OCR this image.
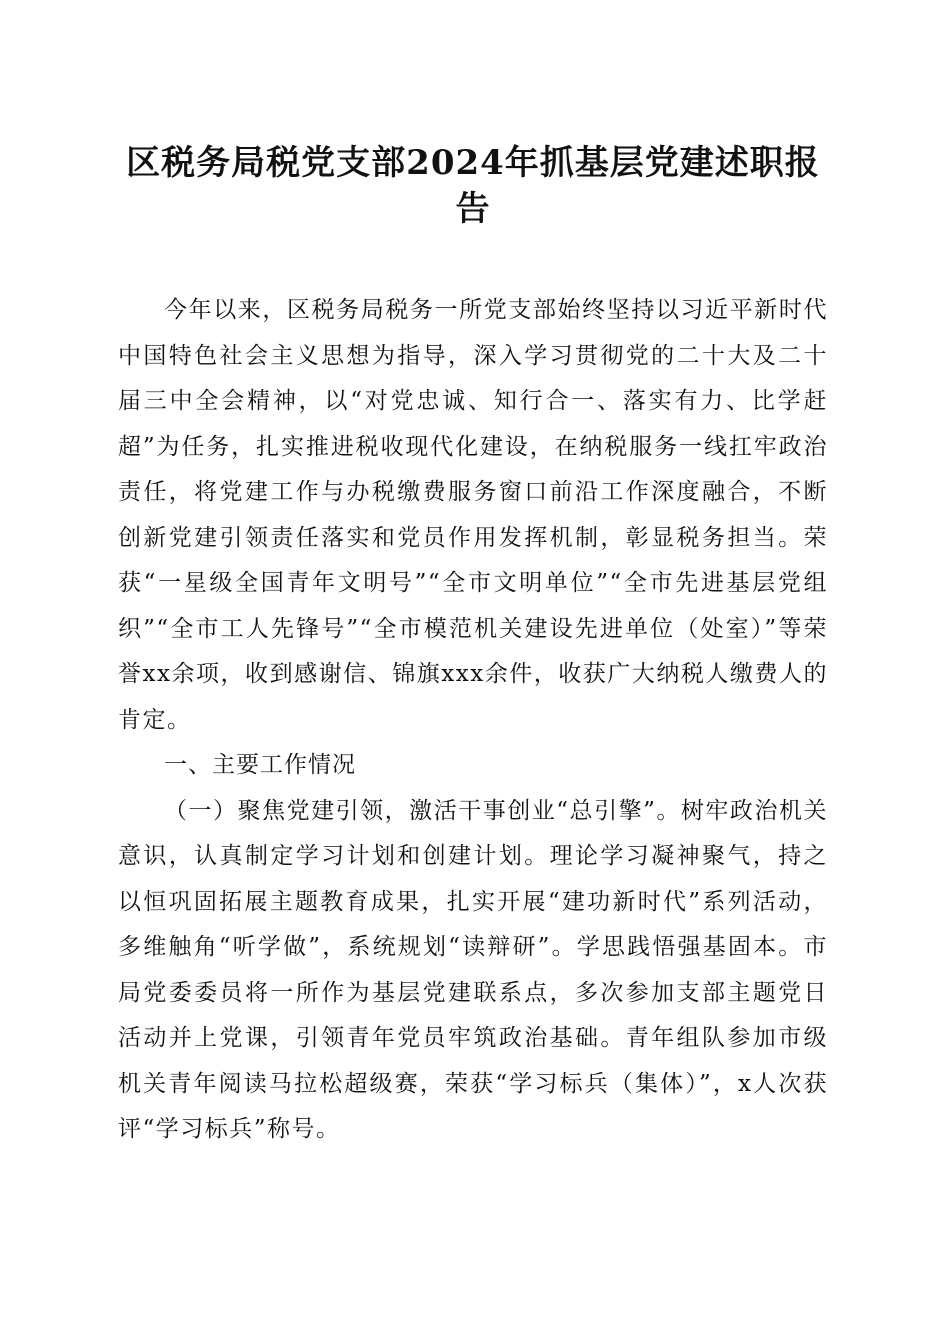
区税务局税党支部2024年抓基层党建述职报告

今年以来，区税务局税务一所党支部始终坚持以习近平新时代中国特色社会主义思想为指导，深入学习贯彻党的二十大及二十届三中全会精神，以“对党忠诚、知行合一、落实有力、比学赶超”为任务，扎实推进税收现代化建设，在纳税服务一线扛牢政治责任，将党建工作与办税缴费服务窗口前沿工作深度融合，不断创新党建引领责任落实和党员作用发挥机制，彰显税务担当。荣获“一星级全国青年文明号”“全市文明单位”“全市先进基层党组织”“全市工人先锋号”“全市模范机关建设先进单位（处室）”等荣誉xx余项，收到感谢信、锦旗xxx余件，收获广大纳税人缴费人的肯定。

一、主要工作情况

（一）聚焦党建引领，激活干事创业“总引擎”。树牢政治机关意识，认真制定学习计划和创建计划。理论学习凝神聚气，持之以恒巩固拓展主题教育成果，扎实开展“建功新时代”系列活动，多维触角“听学做”，系统规划“读辩研”。学思践悟强基固本。市局党委委员将一所作为基层党建联系点，多次参加支部主题党日活动并上党课，引领青年党员牢筑政治基础。青年组队参加市级机关青年阅读马拉松超级赛，荣获“学习标兵（集体）”，x人次获评“学习标兵”称号。
